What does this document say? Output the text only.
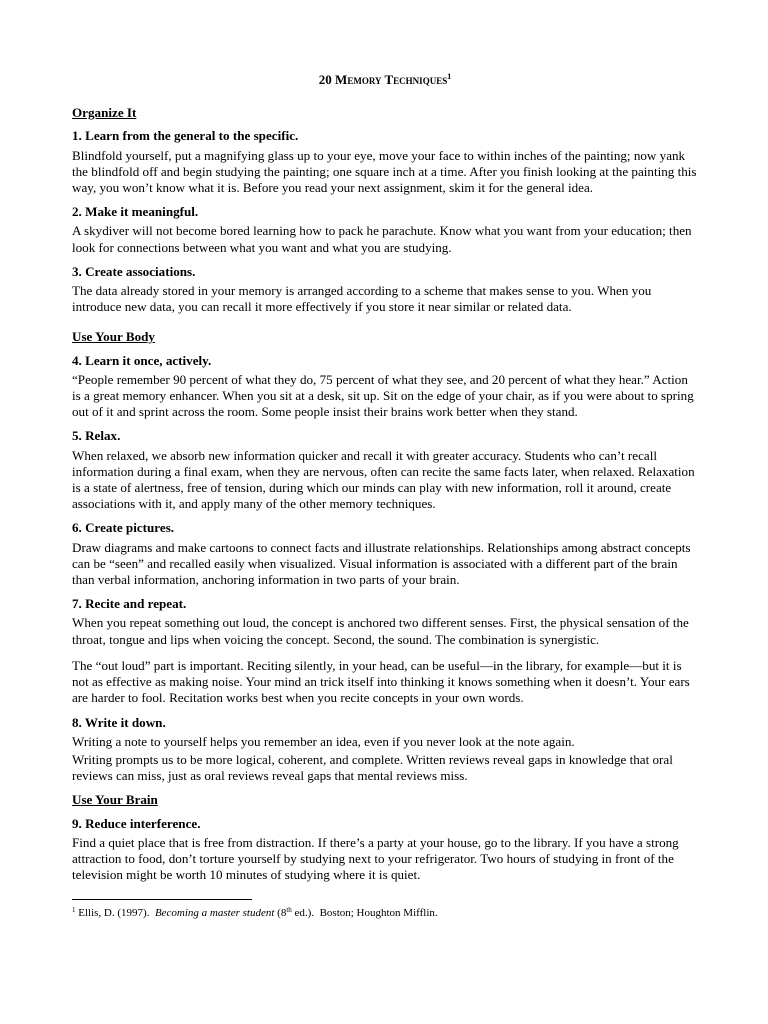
20 Memory Techniques$^1$
Organize It
1. Learn from the general to the specific.
Blindfold yourself, put a magnifying glass up to your eye, move your face to within inches of the painting; now yank the blindfold off and begin studying the painting; one square inch at a time. After you finish looking at the painting this way, you won’t know what it is. Before you read your next assignment, skim it for the general idea.
2. Make it meaningful.
A skydiver will not become bored learning how to pack he parachute. Know what you want from your education; then look for connections between what you want and what you are studying.
3. Create associations.
The data already stored in your memory is arranged according to a scheme that makes sense to you. When you introduce new data, you can recall it more effectively if you store it near similar or related data.
Use Your Body
4. Learn it once, actively.
“People remember 90 percent of what they do, 75 percent of what they see, and 20 percent of what they hear.” Action is a great memory enhancer. When you sit at a desk, sit up. Sit on the edge of your chair, as if you were about to spring out of it and sprint across the room. Some people insist their brains work better when they stand.
5. Relax.
When relaxed, we absorb new information quicker and recall it with greater accuracy. Students who can’t recall information during a final exam, when they are nervous, often can recite the same facts later, when relaxed. Relaxation is a state of alertness, free of tension, during which our minds can play with new information, roll it around, create associations with it, and apply many of the other memory techniques.
6. Create pictures.
Draw diagrams and make cartoons to connect facts and illustrate relationships. Relationships among abstract concepts can be “seen” and recalled easily when visualized. Visual information is associated with a different part of the brain than verbal information, anchoring information in two parts of your brain.
7. Recite and repeat.
When you repeat something out loud, the concept is anchored two different senses. First, the physical sensation of the throat, tongue and lips when voicing the concept. Second, the sound. The combination is synergistic.
The “out loud” part is important. Reciting silently, in your head, can be useful—in the library, for example—but it is not as effective as making noise. Your mind an trick itself into thinking it knows something when it doesn’t. Your ears are harder to fool. Recitation works best when you recite concepts in your own words.
8. Write it down.
Writing a note to yourself helps you remember an idea, even if you never look at the note again.
Writing prompts us to be more logical, coherent, and complete. Written reviews reveal gaps in knowledge that oral reviews can miss, just as oral reviews reveal gaps that mental reviews miss.
Use Your Brain
9. Reduce interference.
Find a quiet place that is free from distraction. If there’s a party at your house, go to the library. If you have a strong attraction to food, don’t torture yourself by studying next to your refrigerator. Two hours of studying in front of the television might be worth 10 minutes of studying where it is quiet.
$^1$ Ellis, D. (1997). Becoming a master student (8th ed.). Boston; Houghton Mifflin.
